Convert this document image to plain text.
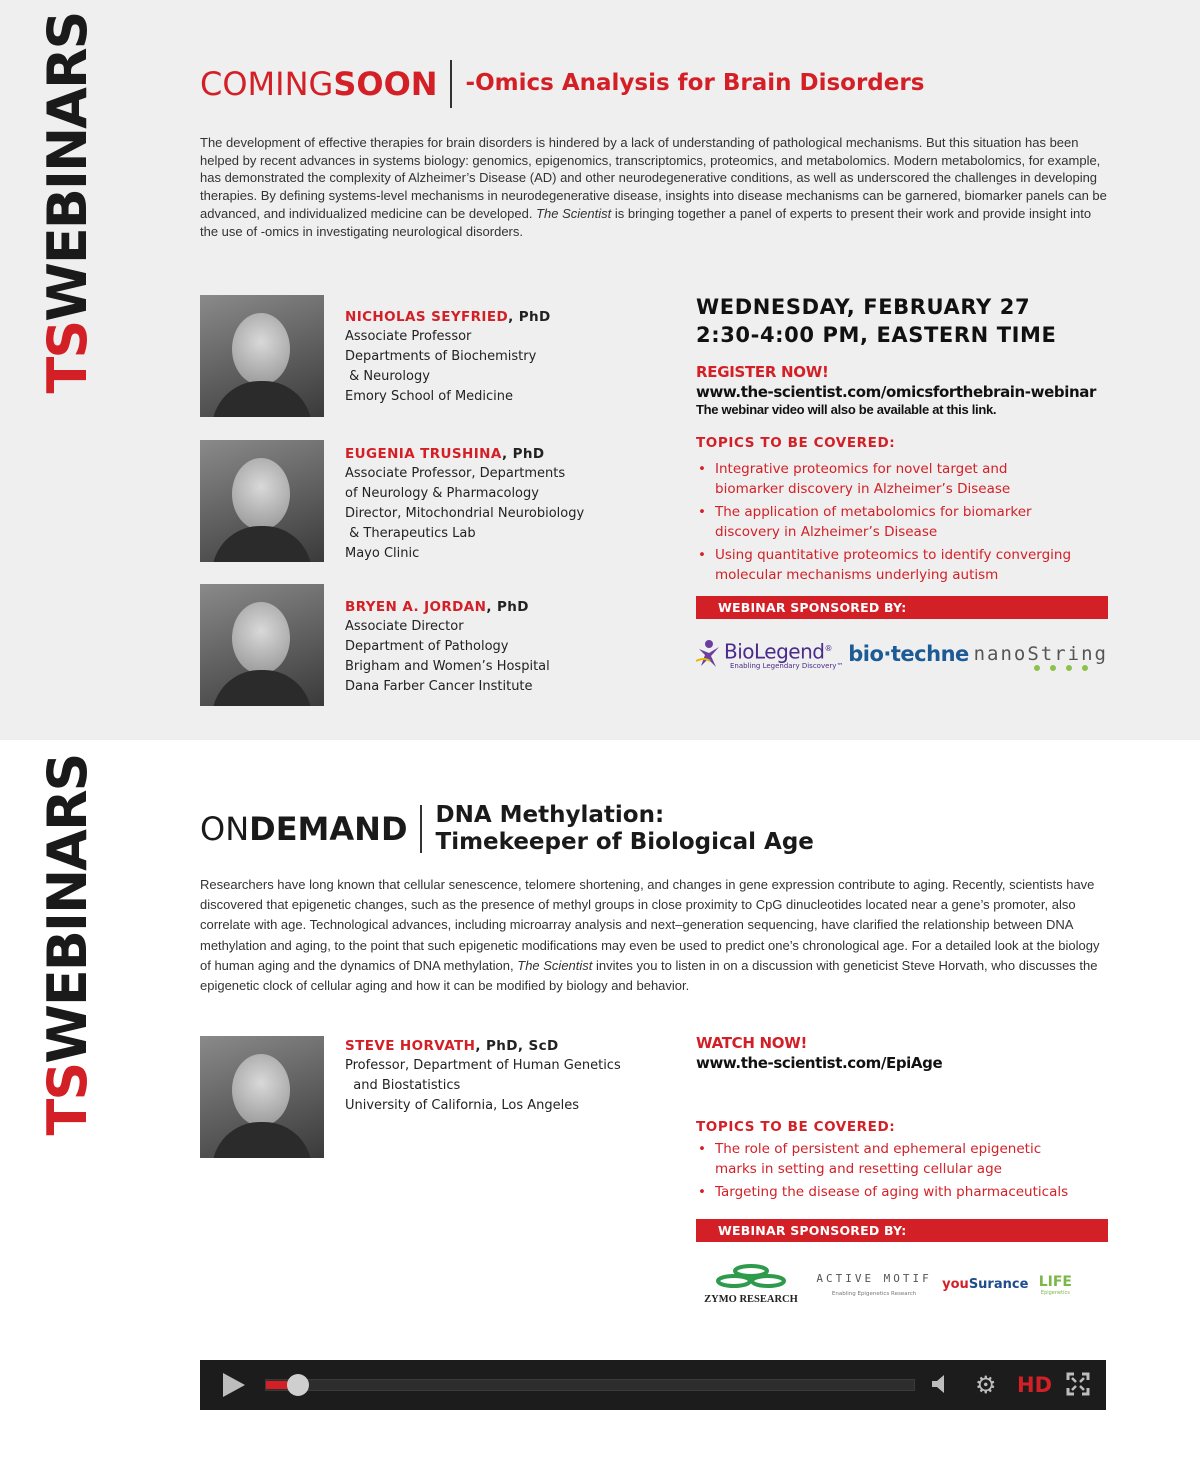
TSWEBINARS	COMINGSOON -Omics Analysis for Brain Disorders

The development of effective therapies for brain disorders is hindered by a lack of understanding of pathological mechanisms. But this situation has been helped by recent advances in systems biology: genomics, epigenomics, transcriptomics, proteomics, and metabolomics. Modern metabolomics, for example, has demonstrated the complexity of Alzheimer’s Disease (AD) and other neurodegenerative conditions, as well as underscored the challenges in developing therapies. By defining systems-level mechanisms in neurodegenerative disease, insights into disease mechanisms can be garnered, biomarker panels can be advanced, and individualized medicine can be developed. The Scientist is bringing together a panel of experts to present their work and provide insight into the use of -omics in investigating neurological disorders.

NICHOLAS SEYFRIED, PhD
Associate Professor
Departments of Biochemistry
& Neurology
Emory School of Medicine
EUGENIA TRUSHINA, PhD
Associate Professor, Departments
of Neurology & Pharmacology
Director, Mitochondrial Neurobiology
& Therapeutics Lab
Mayo Clinic
BRYEN A. JORDAN, PhD
Associate Director
Department of Pathology
Brigham and Women’s Hospital
Dana Farber Cancer Institute
WEDNESDAY, FEBRUARY 27
2:30-4:00 PM, EASTERN TIME
REGISTER NOW!
www.the-scientist.com/omicsforthebrain-webinar
The webinar video will also be available at this link.
TOPICS TO BE COVERED:
• Integrative proteomics for novel target and
biomarker discovery in Alzheimer’s Disease
• The application of metabolomics for biomarker
discovery in Alzheimer’s Disease
• Using quantitative proteomics to identify converging
molecular mechanisms underlying autism
WEBINAR SPONSORED BY:
BioLegend®
Enabling Legendary Discovery™ bio·techne nanoString
TSWEBINARS	ONDEMAND DNA Methylation:
Timekeeper of Biological Age

Researchers have long known that cellular senescence, telomere shortening, and changes in gene expression contribute to aging. Recently, scientists have discovered that epigenetic changes, such as the presence of methyl groups in close proximity to CpG dinucleotides located near a gene’s promoter, also correlate with age. Technological advances, including microarray analysis and next–generation sequencing, have clarified the relationship between DNA methylation and aging, to the point that such epigenetic modifications may even be used to predict one’s chronological age. For a detailed look at the biology of human aging and the dynamics of DNA methylation, The Scientist invites you to listen in on a discussion with geneticist Steve Horvath, who discusses the epigenetic clock of cellular aging and how it can be modified by biology and behavior.

STEVE HORVATH, PhD, ScD
Professor, Department of Human Genetics
and Biostatistics
University of California, Los Angeles
WATCH NOW!
www.the-scientist.com/EpiAge
TOPICS TO BE COVERED:
• The role of persistent and ephemeral epigenetic
marks in setting and resetting cellular age
• Targeting the disease of aging with pharmaceuticals
WEBINAR SPONSORED BY:
ZYMO RESEARCH
ACTIVE MOTIF
Enabling Epigenetics Research
youSurance LIFE
Epigenetics
⚙ HD
